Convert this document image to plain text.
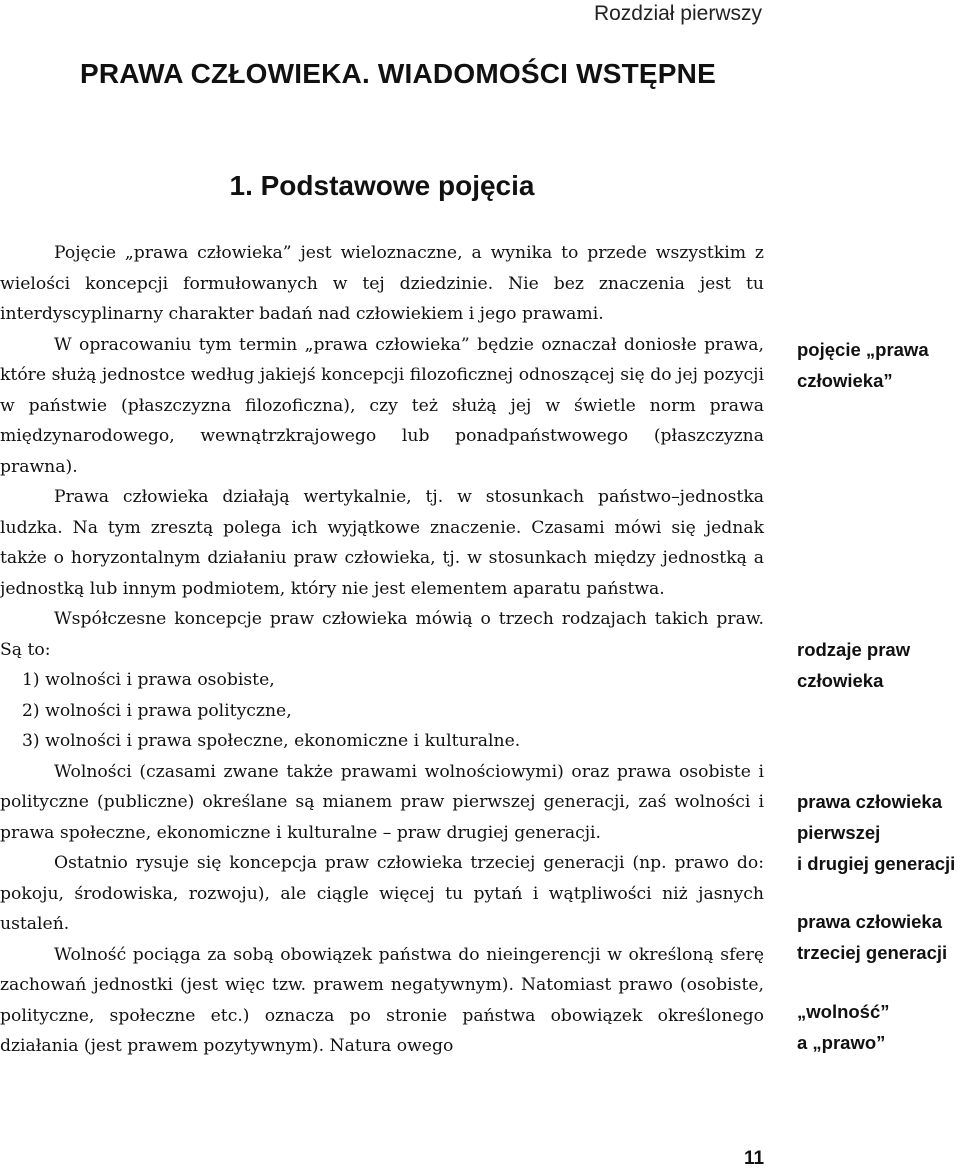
Rozdział pierwszy
PRAWA CZŁOWIEKA. WIADOMOŚCI WSTĘPNE
1. Podstawowe pojęcia

Pojęcie „prawa człowieka” jest wieloznaczne, a wynika to przede wszystkim z wielości koncepcji formułowanych w tej dziedzinie. Nie bez znaczenia jest tu interdyscyplinarny charakter badań nad człowiekiem i jego prawami.

W opracowaniu tym termin „prawa człowieka” będzie oznaczał doniosłe prawa, które służą jednostce według jakiejś koncepcji filozoficznej odnoszącej się do jej pozycji w państwie (płaszczyzna filozoficzna), czy też służą jej w świetle norm prawa międzynarodowego, wewnątrzkrajowego lub ponadpaństwowego (płaszczyzna prawna).

Prawa człowieka działają wertykalnie, tj. w stosunkach państwo–jednostka ludzka. Na tym zresztą polega ich wyjątkowe znaczenie. Czasami mówi się jednak także o horyzontalnym działaniu praw człowieka, tj. w stosunkach między jednostką a jednostką lub innym podmiotem, który nie jest elementem aparatu państwa.

Współczesne koncepcje praw człowieka mówią o trzech rodzajach takich praw. Są to:

1) wolności i prawa osobiste,
2) wolności i prawa polityczne,
3) wolności i prawa społeczne, ekonomiczne i kulturalne.

Wolności (czasami zwane także prawami wolnościowymi) oraz prawa osobiste i polityczne (publiczne) określane są mianem praw pierwszej generacji, zaś wolności i prawa społeczne, ekonomiczne i kulturalne – praw drugiej generacji.

Ostatnio rysuje się koncepcja praw człowieka trzeciej generacji (np. prawo do: pokoju, środowiska, rozwoju), ale ciągle więcej tu pytań i wątpliwości niż jasnych ustaleń.

Wolność pociąga za sobą obowiązek państwa do nieingerencji w określoną sferę zachowań jednostki (jest więc tzw. prawem negatywnym). Natomiast prawo (osobiste, polityczne, społeczne etc.) oznacza po stronie państwa obowiązek określonego działania (jest prawem pozytywnym). Natura owego

pojęcie „prawa
człowieka”
rodzaje praw
człowieka
prawa człowieka
pierwszej
i drugiej generacji
prawa człowieka
trzeciej generacji
„wolność”
a „prawo”
11
